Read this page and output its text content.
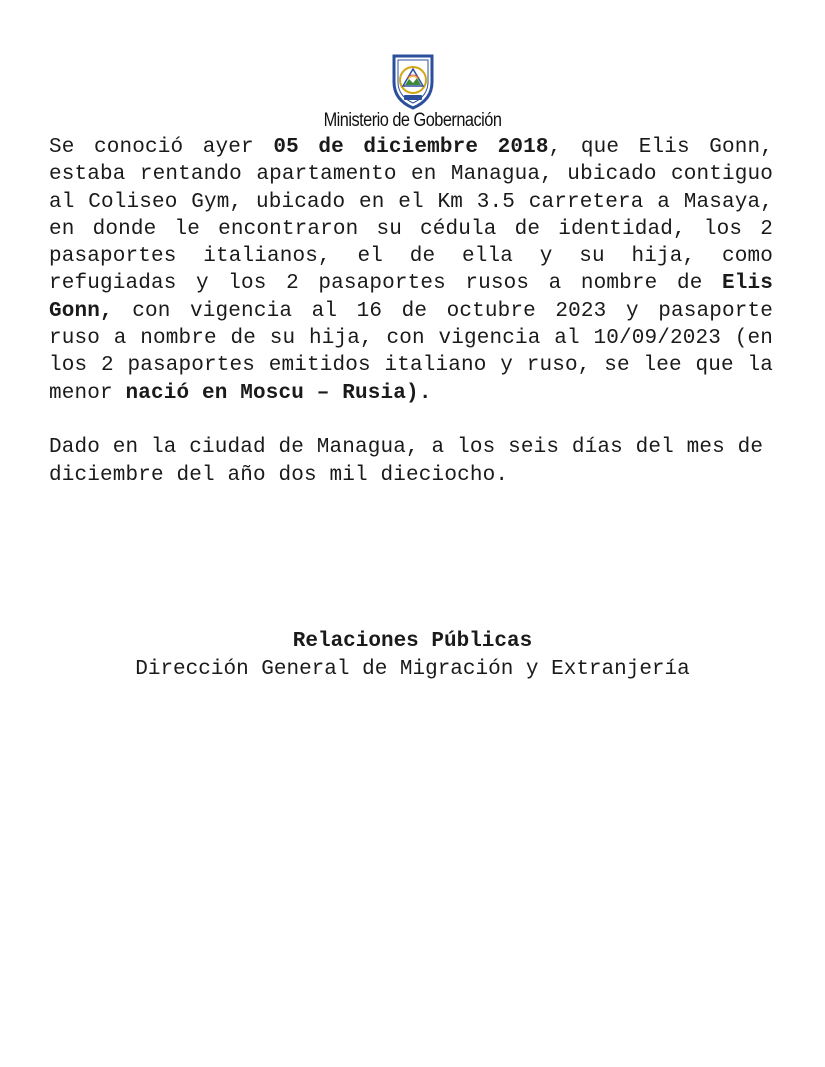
Ministerio de Gobernación

Se conoció ayer 05 de diciembre 2018, que Elis Gonn, estaba rentando apartamento en Managua, ubicado contiguo al Coliseo Gym, ubicado en el Km 3.5 carretera a Masaya, en donde le encontraron su cédula de identidad, los 2 pasaportes italianos, el de ella y su hija, como refugiadas y los 2 pasaportes rusos a nombre de Elis Gonn, con vigencia al 16 de octubre 2023 y pasaporte ruso a nombre de su hija, con vigencia al 10/09/2023 (en los 2 pasaportes emitidos italiano y ruso, se lee que la menor nació en Moscu – Rusia).

Dado en la ciudad de Managua, a los seis días del mes de diciembre del año dos mil dieciocho.

Relaciones Públicas
Dirección General de Migración y Extranjería
